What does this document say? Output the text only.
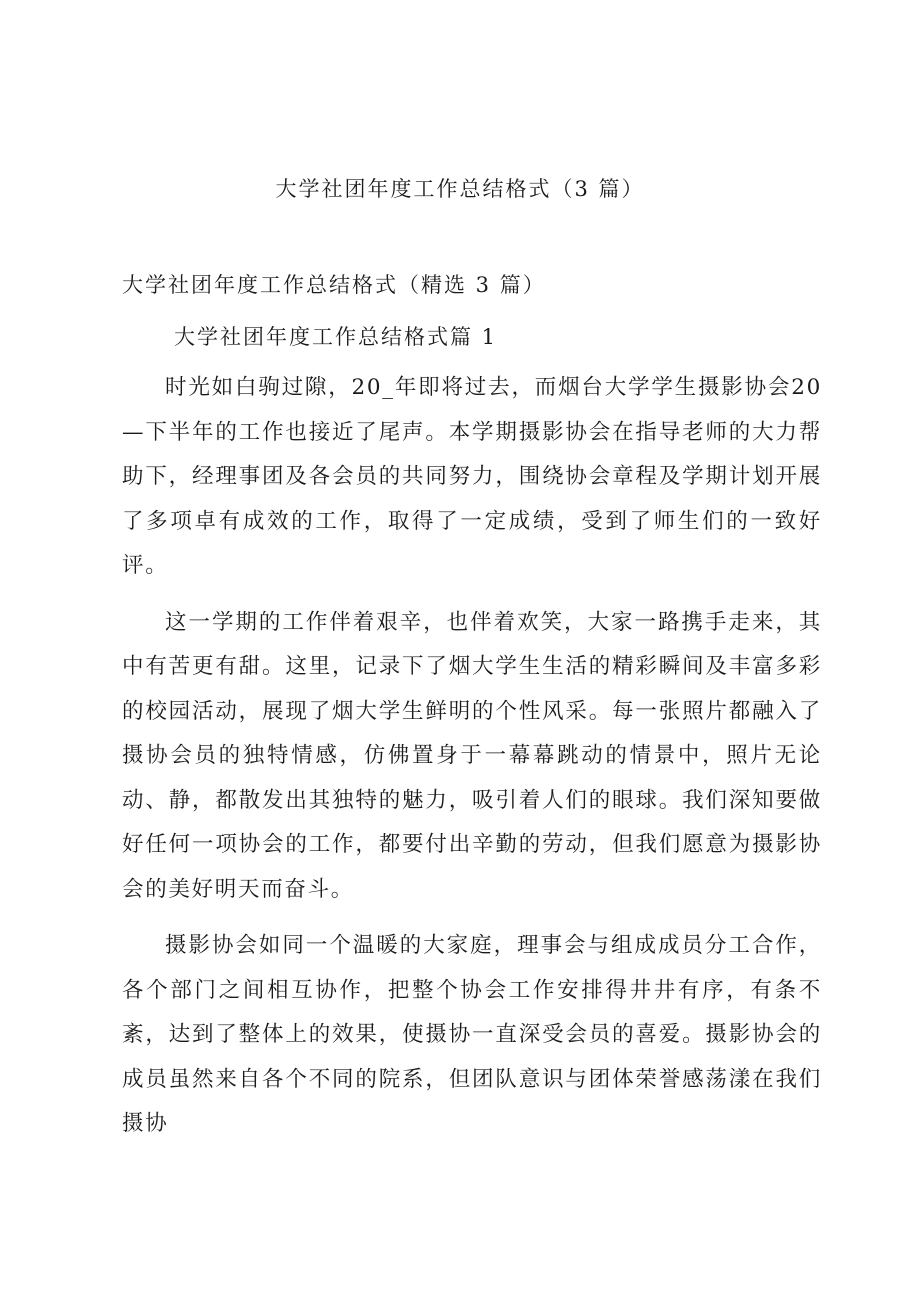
大学社团年度工作总结格式（3 篇）
大学社团年度工作总结格式（精选 3 篇）
大学社团年度工作总结格式篇 1

时光如白驹过隙，20_年即将过去，而烟台大学学生摄影协会20—下半年的工作也接近了尾声。本学期摄影协会在指导老师的大力帮助下，经理事团及各会员的共同努力，围绕协会章程及学期计划开展了多项卓有成效的工作，取得了一定成绩，受到了师生们的一致好评。

这一学期的工作伴着艰辛，也伴着欢笑，大家一路携手走来，其中有苦更有甜。这里，记录下了烟大学生生活的精彩瞬间及丰富多彩的校园活动，展现了烟大学生鲜明的个性风采。每一张照片都融入了摄协会员的独特情感，仿佛置身于一幕幕跳动的情景中，照片无论动、静，都散发出其独特的魅力，吸引着人们的眼球。我们深知要做好任何一项协会的工作，都要付出辛勤的劳动，但我们愿意为摄影协会的美好明天而奋斗。

摄影协会如同一个温暖的大家庭，理事会与组成成员分工合作，各个部门之间相互协作，把整个协会工作安排得井井有序，有条不紊，达到了整体上的效果，使摄协一直深受会员的喜爱。摄影协会的成员虽然来自各个不同的院系，但团队意识与团体荣誉感荡漾在我们摄协
